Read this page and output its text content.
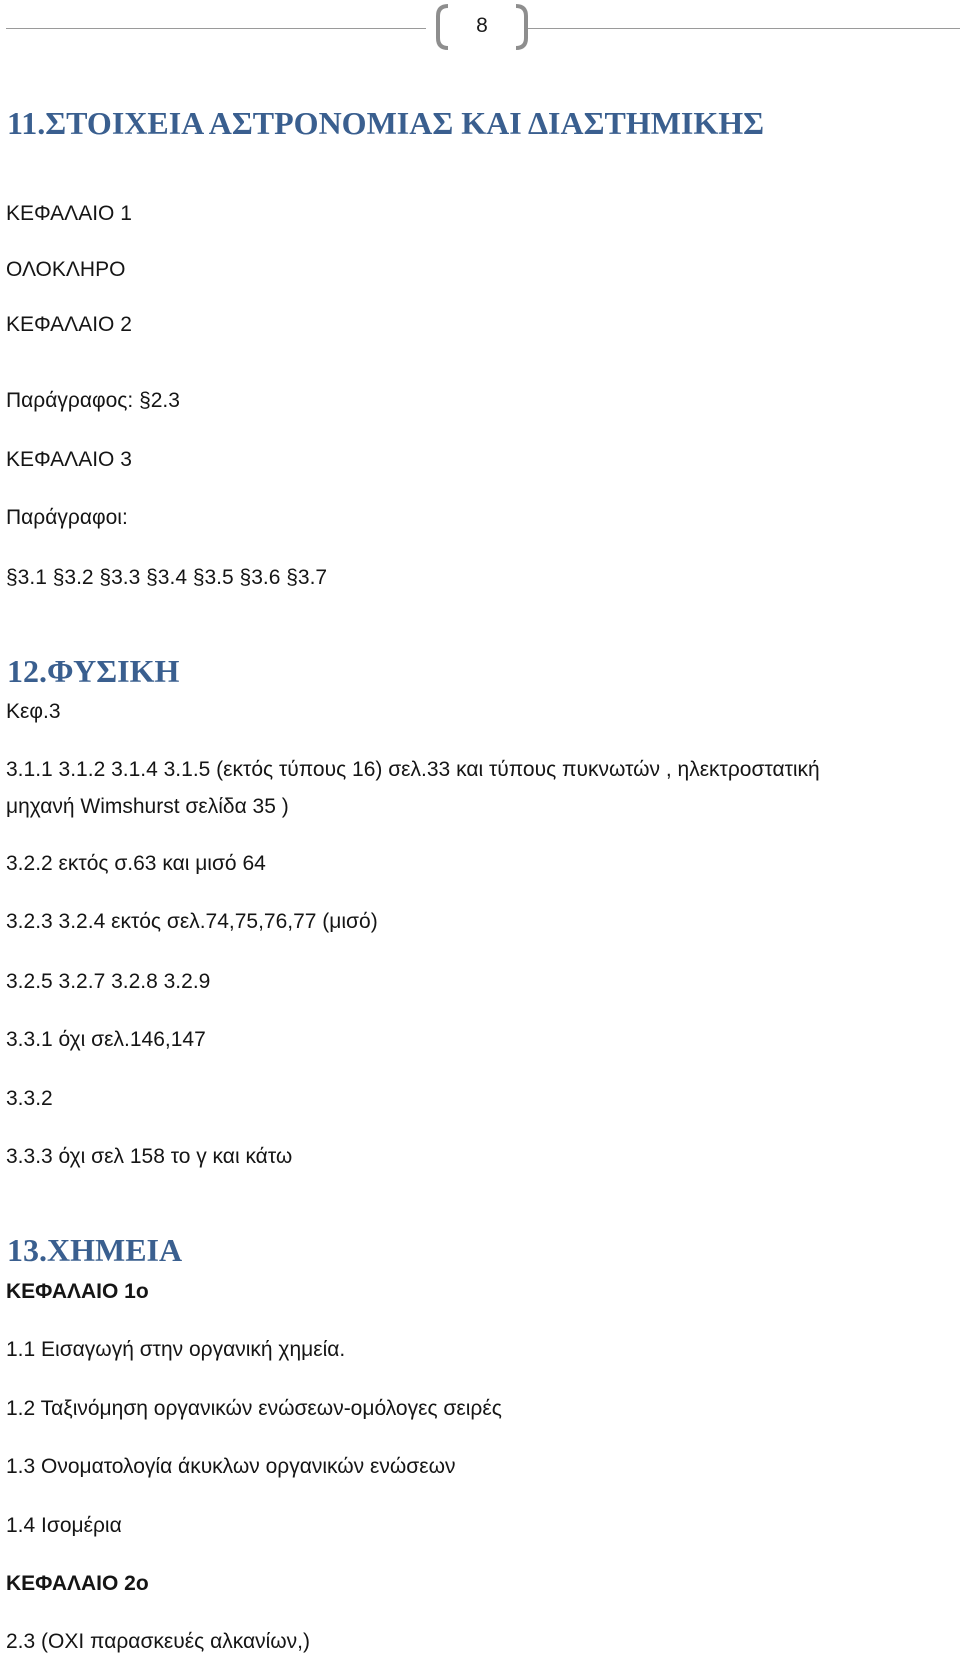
8
11.ΣΤΟΙΧΕΙΑ ΑΣΤΡΟΝΟΜΙΑΣ ΚΑΙ ΔΙΑΣΤΗΜΙΚΗΣ

ΚΕΦΑΛΑΙΟ 1

ΟΛΟΚΛΗΡΟ

ΚΕΦΑΛΑΙΟ 2

Παράγραφος: §2.3

ΚΕΦΑΛΑΙΟ 3

Παράγραφοι:

§3.1 §3.2 §3.3 §3.4 §3.5 §3.6 §3.7

12.ΦΥΣΙΚΗ

Κεφ.3

3.1.1 3.1.2 3.1.4 3.1.5 (εκτός τύπους 16) σελ.33 και τύπους πυκνωτών , ηλεκτροστατική

μηχανή Wimshurst σελίδα 35 )

3.2.2 εκτός σ.63 και μισό 64

3.2.3 3.2.4 εκτός σελ.74,75,76,77 (μισό)

3.2.5 3.2.7 3.2.8 3.2.9

3.3.1 όχι σελ.146,147

3.3.2

3.3.3 όχι σελ 158 το γ και κάτω

13.ΧΗΜΕΙΑ

ΚΕΦΑΛΑΙΟ 1ο

1.1 Εισαγωγή στην οργανική χημεία.

1.2 Ταξινόμηση οργανικών ενώσεων-ομόλογες σειρές

1.3 Ονοματολογία άκυκλων οργανικών ενώσεων

1.4 Ισομέρια

ΚΕΦΑΛΑΙΟ 2ο

2.3 (ΟΧΙ παρασκευές αλκανίων,)
